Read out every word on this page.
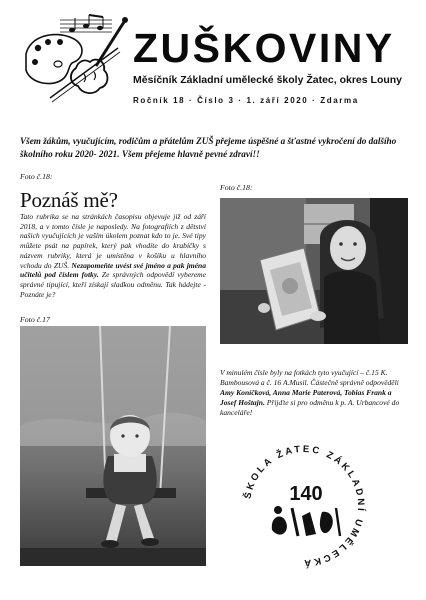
ZUŠKOVINY
Měsíčník Základní umělecké školy Žatec, okres Louny
Ročník 18 · Číslo 3 · 1. září 2020 · Zdarma
Všem žákům, vyučujícím, rodičům a přátelům ZUŠ přejeme úspěšné a šťastné vykročení do dalšího školního roku 2020- 2021. Všem přejeme hlavně pevné zdraví!!
Foto č.18:
Foto č.18:
Poznáš mě?
Tato rubrika se na stránkách časopisu objevuje již od září 2018, a v tomto čísle je naposledy. Na fotografiích z dětství našich vyučujících je vaším úkolem poznat kdo to je. Své tipy můžete psát na papírek, který pak vhodíte do krabičky s názvem rubriky, která je umístěna v košíku u hlavního vchodu do ZUŠ. Nezapomeňte uvést své jméno a pak jména učitelů pod číslem fotky. Ze správných odpovědí vybereme správné tipující, kteří získají sladkou odměnu. Tak hádejte - Poznáte je?
Foto č.17
V minulém čísle byly na fotkách tyto vyučující – č.15 K. Bambousová a č. 16 A.Musil. Částečně správně odpověděli Amy Koníčková, Anna Marie Paterová, Tobias Frank a Josef Hoštajn. Přijďte si pro odměnu k p. A. Urbancové do kanceláře!
ŠKOLA ŽATEC ZÁKLADNÍ UMĚLECKÁ
140
